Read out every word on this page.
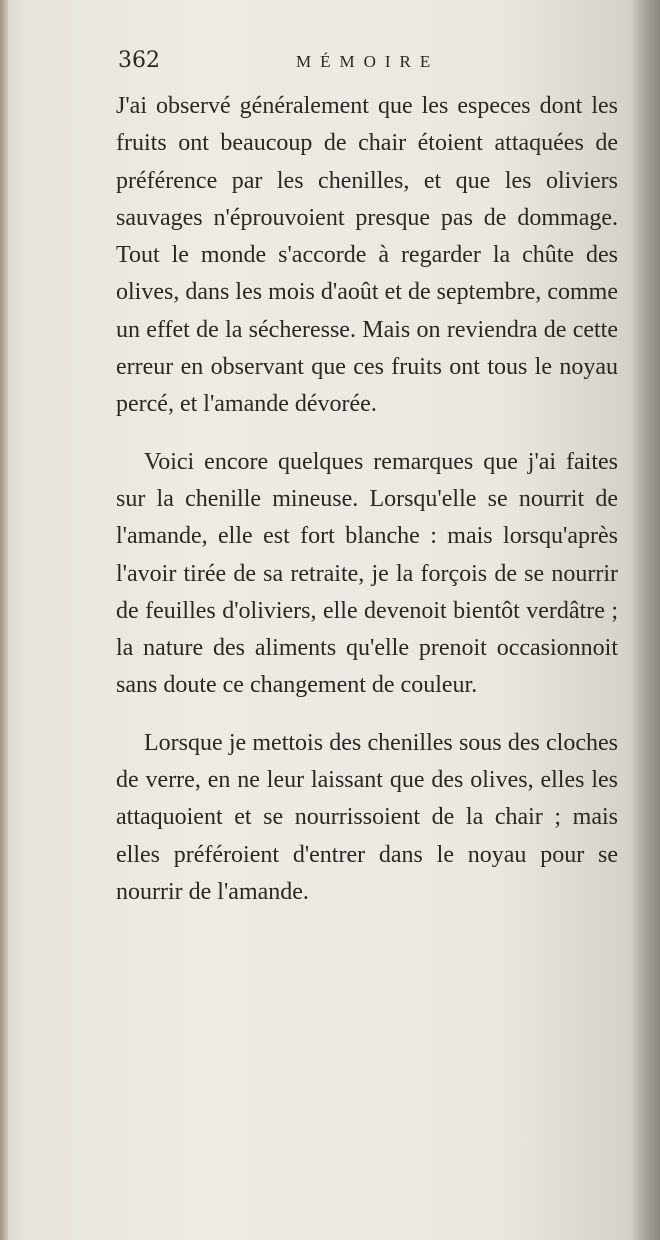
362	MÉMOIRE

J'ai observé généralement que les especes dont les fruits ont beaucoup de chair étoient attaquées de préférence par les chenilles, et que les oliviers sauvages n'éprouvoient presque pas de dommage. Tout le monde s'accorde à regarder la chûte des olives, dans les mois d'août et de septembre, comme un effet de la sécheresse. Mais on reviendra de cette erreur en observant que ces fruits ont tous le noyau percé, et l'amande dévorée.

Voici encore quelques remarques que j'ai faites sur la chenille mineuse. Lorsqu'elle se nourrit de l'amande, elle est fort blanche : mais lorsqu'après l'avoir tirée de sa retraite, je la forçois de se nourrir de feuilles d'oliviers, elle devenoit bientôt verdâtre ; la nature des aliments qu'elle prenoit occasionnoit sans doute ce changement de couleur.

Lorsque je mettois des chenilles sous des cloches de verre, en ne leur laissant que des olives, elles les attaquoient et se nourrissoient de la chair ; mais elles préféroient d'entrer dans le noyau pour se nourrir de l'amande.
